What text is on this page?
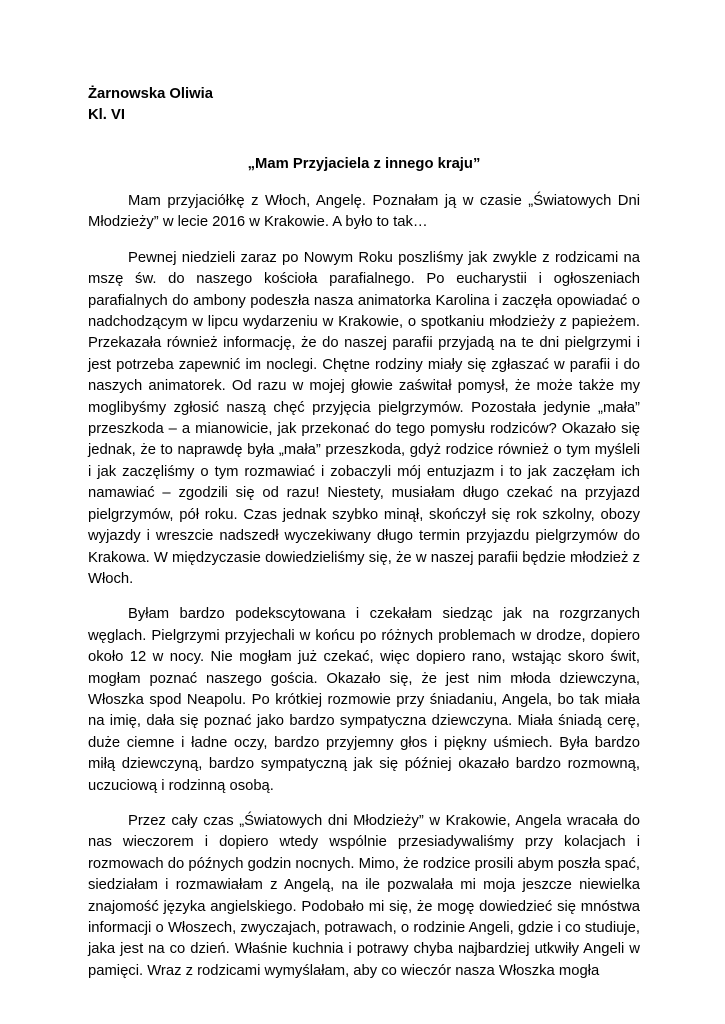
Żarnowska Oliwia
Kl. VI
„Mam Przyjaciela z innego kraju”

Mam przyjaciółkę z Włoch, Angelę. Poznałam ją w czasie „Światowych Dni Młodzieży” w lecie 2016 w Krakowie. A było to tak…

Pewnej niedzieli zaraz po Nowym Roku poszliśmy jak zwykle z rodzicami na mszę św. do naszego kościoła parafialnego. Po eucharystii i ogłoszeniach parafialnych do ambony podeszła nasza animatorka Karolina i zaczęła opowiadać o nadchodzącym w lipcu wydarzeniu w Krakowie, o spotkaniu młodzieży z papieżem. Przekazała również informację, że do naszej parafii przyjadą na te dni pielgrzymi i jest potrzeba zapewnić im noclegi. Chętne rodziny miały się zgłaszać w parafii i do naszych animatorek. Od razu w mojej głowie zaświtał pomysł, że może także my moglibyśmy zgłosić naszą chęć przyjęcia pielgrzymów. Pozostała jedynie „mała” przeszkoda – a mianowicie, jak przekonać do tego pomysłu rodziców? Okazało się jednak, że to naprawdę była „mała” przeszkoda, gdyż rodzice również o tym myśleli i jak zaczęliśmy o tym rozmawiać i zobaczyli mój entuzjazm i to jak zaczęłam ich namawiać – zgodzili się od razu! Niestety, musiałam długo czekać na przyjazd pielgrzymów, pół roku. Czas jednak szybko minął, skończył się rok szkolny, obozy wyjazdy i wreszcie nadszedł wyczekiwany długo termin przyjazdu pielgrzymów do Krakowa. W międzyczasie dowiedzieliśmy się, że w naszej parafii będzie młodzież z Włoch.

Byłam bardzo podekscytowana i czekałam siedząc jak na rozgrzanych węglach. Pielgrzymi przyjechali w końcu po różnych problemach w drodze, dopiero około 12 w nocy. Nie mogłam już czekać, więc dopiero rano, wstając skoro świt, mogłam poznać naszego gościa. Okazało się, że jest nim młoda dziewczyna, Włoszka spod Neapolu. Po krótkiej rozmowie przy śniadaniu, Angela, bo tak miała na imię, dała się poznać jako bardzo sympatyczna dziewczyna. Miała śniadą cerę, duże ciemne i ładne oczy, bardzo przyjemny głos i piękny uśmiech. Była bardzo miłą dziewczyną, bardzo sympatyczną jak się później okazało bardzo rozmowną, uczuciową i rodzinną osobą.

Przez cały czas „Światowych dni Młodzieży” w Krakowie, Angela wracała do nas wieczorem i dopiero wtedy wspólnie przesiadywaliśmy przy kolacjach i rozmowach do późnych godzin nocnych. Mimo, że rodzice prosili abym poszła spać, siedziałam i rozmawiałam z Angelą, na ile pozwalała mi moja jeszcze niewielka znajomość języka angielskiego. Podobało mi się, że mogę dowiedzieć się mnóstwa informacji o Włoszech, zwyczajach, potrawach, o rodzinie Angeli, gdzie i co studiuje, jaka jest na co dzień. Właśnie kuchnia i potrawy chyba najbardziej utkwiły Angeli w pamięci. Wraz z rodzicami wymyślałam, aby co wieczór nasza Włoszka mogła
